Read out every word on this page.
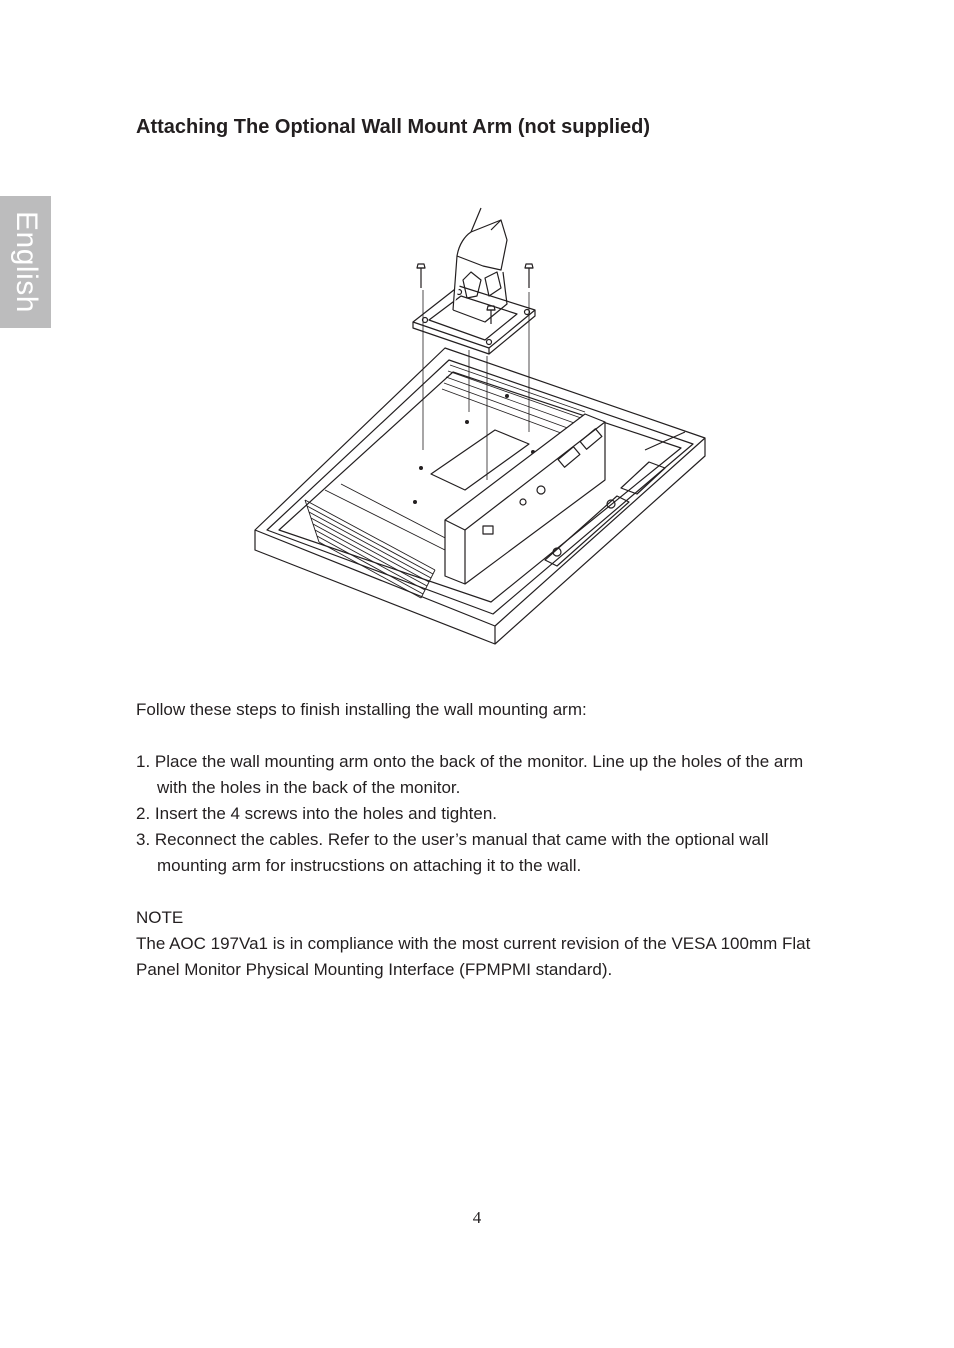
English
Attaching The Optional Wall Mount Arm (not supplied)

Follow these steps to finish installing the wall mounting arm:

1. Place the wall mounting arm onto the back of the monitor. Line up the holes of the arm with the holes in the back of the monitor.
2. Insert the 4 screws into the holes and tighten.
3. Reconnect the cables. Refer to the user’s manual that came with the optional wall mounting arm for instrucstions on attaching it to the wall.

NOTE

The AOC 197Va1 is in compliance with the most current revision of the VESA 100mm Flat Panel Monitor Physical Mounting Interface (FPMPMI standard).

4
